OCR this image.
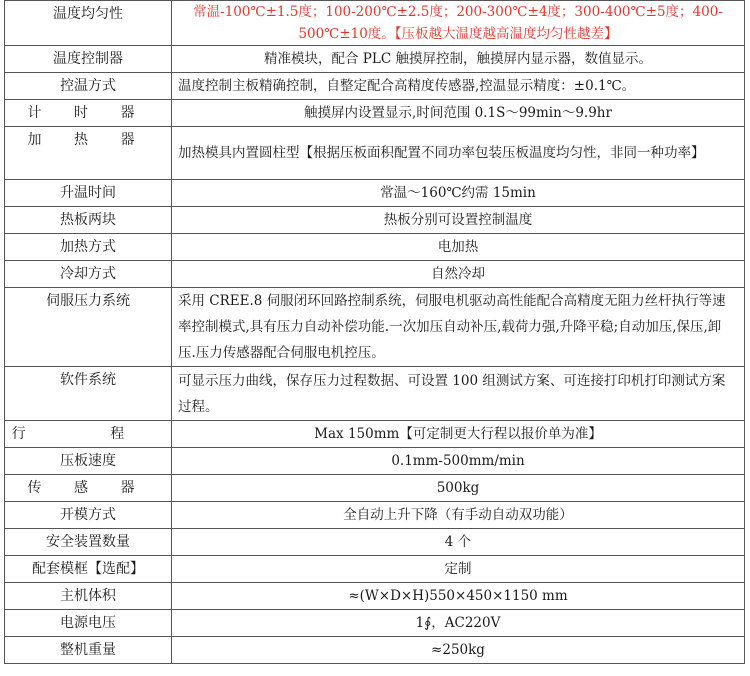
温度均匀性	常温-100℃±1.5度；100-200℃±2.5度；200-300℃±4度；300-400℃±5度；400-500℃±10度。【压板越大温度越高温度均匀性越差】
温度控制器	精准模块，配合 PLC 触摸屏控制，触摸屏内显示器，数值显示。
控温方式	温度控制主板精确控制，自整定配合高精度传感器,控温显示精度：±0.1℃。
计 时 器	触摸屏内设置显示,时间范围 0.1S～99min～9.9hr
加 热 器	加热模具内置圆柱型【根据压板面积配置不同功率包装压板温度均匀性，非同一种功率】
升温时间	常温～160℃约需 15min
热板两块	热板分别可设置控制温度
加热方式	电加热
冷却方式	自然冷却
伺服压力系统	采用 CREE.8 伺服闭环回路控制系统，伺服电机驱动高性能配合高精度无阻力丝杆执行等速率控制模式,具有压力自动补偿功能.一次加压自动补压,载荷力强,升降平稳;自动加压,保压,卸压.压力传感器配合伺服电机控压。
软件系统	可显示压力曲线，保存压力过程数据、可设置 100 组测试方案、可连接打印机打印测试方案过程。
行 程	Max 150mm【可定制更大行程以报价单为准】
压板速度	0.1mm-500mm/min
传 感 器	500kg
开模方式	全自动上升下降（有手动自动双功能）
安全装置数量	4 个
配套模框【选配】	定制
主机体积	≈(W×D×H)550×450×1150 mm
电源电压	1∮，AC220V
整机重量	≈250kg
